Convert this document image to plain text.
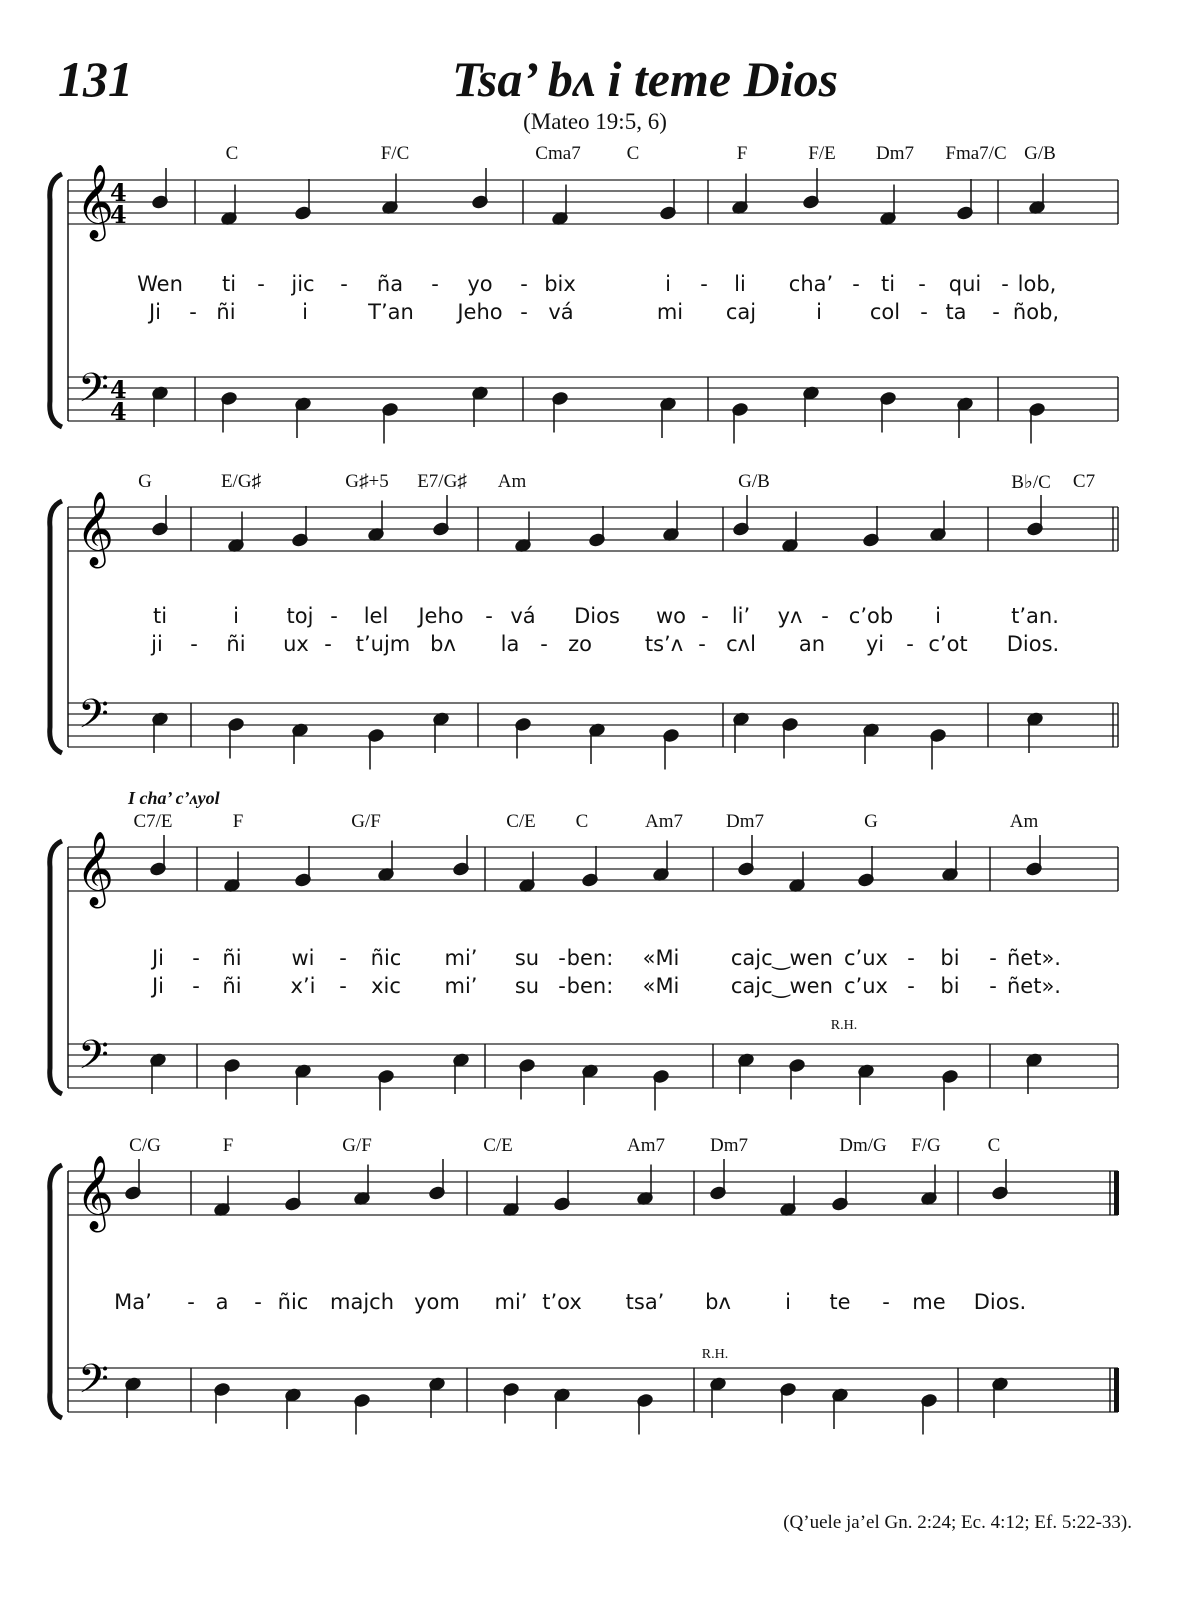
131	Tsa’ bʌ i teme Dios
(Mateo 19:5, 6)
𝄞
𝄢
4
4
4
4
𝄞
𝄢
𝄞
𝄢
𝄞
𝄢
C	F/C	Cma7 C	F	F/E Dm7 Fma7/C G/B
Wen ti - jic - ña - yo - bix	i - li cha’ - ti - qui - lob,
Ji - ñi	i	T’an Jeho - vá	mi caj	i col - ta - ñob,
G	E/G♯	G♯+5 E7/G♯ Am	G/B	B♭/C C7
ti	i toj - lel Jeho - vá Dios wo - li’ yʌ - c’ob i	t’an.
ji - ñi ux - t’ujm bʌ la - zo	tsʼʌ - cʌl an yi - c’ot Dios.
C7/E	F	G/F	C/E C	Am7 Dm7	G	Am
Ji - ñi wi - ñic mi’ su - ben: «Mi caj c‿wen c’ux - bi - ñet».
Ji - ñi x’i - xic mi’ su - ben: «Mi caj c‿wen c’ux - bi - ñet».
I cha’ c’ʌyol
C/G	F	G/F	C/E	Am7 Dm7	Dm/G F/G C
Ma’ - a - ñic majch yom mi’ t’ox tsa’ bʌ	i te - me Dios.
R.H.
R.H.
(Q’uele ja’el Gn. 2:24; Ec. 4:12; Ef. 5:22-33).
